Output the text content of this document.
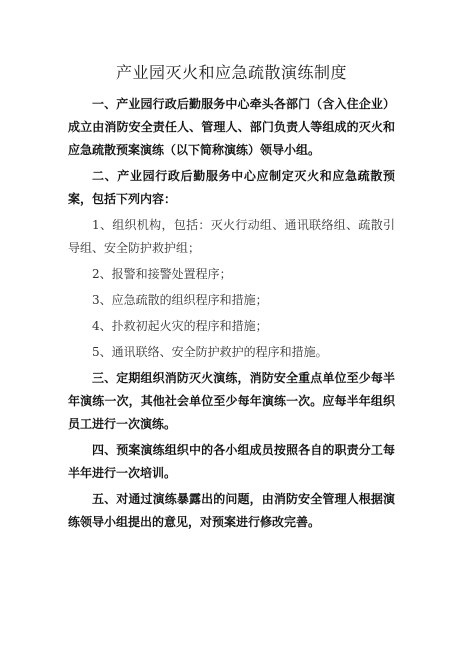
产业园灭火和应急疏散演练制度

一、产业园行政后勤服务中心牵头各部门（含入住企业）成立由消防安全责任人、管理人、部门负责人等组成的灭火和应急疏散预案演练（以下简称演练）领导小组。

二、产业园行政后勤服务中心应制定灭火和应急疏散预案，包括下列内容：

1、组织机构，包括：灭火行动组、通讯联络组、疏散引导组、安全防护救护组；

2、报警和接警处置程序；

3、应急疏散的组织程序和措施；

4、扑救初起火灾的程序和措施；

5、通讯联络、安全防护救护的程序和措施。

三、定期组织消防灭火演练，消防安全重点单位至少每半年演练一次，其他社会单位至少每年演练一次。应每半年组织员工进行一次演练。

四、预案演练组织中的各小组成员按照各自的职责分工每半年进行一次培训。

五、对通过演练暴露出的问题，由消防安全管理人根据演练领导小组提出的意见，对预案进行修改完善。
